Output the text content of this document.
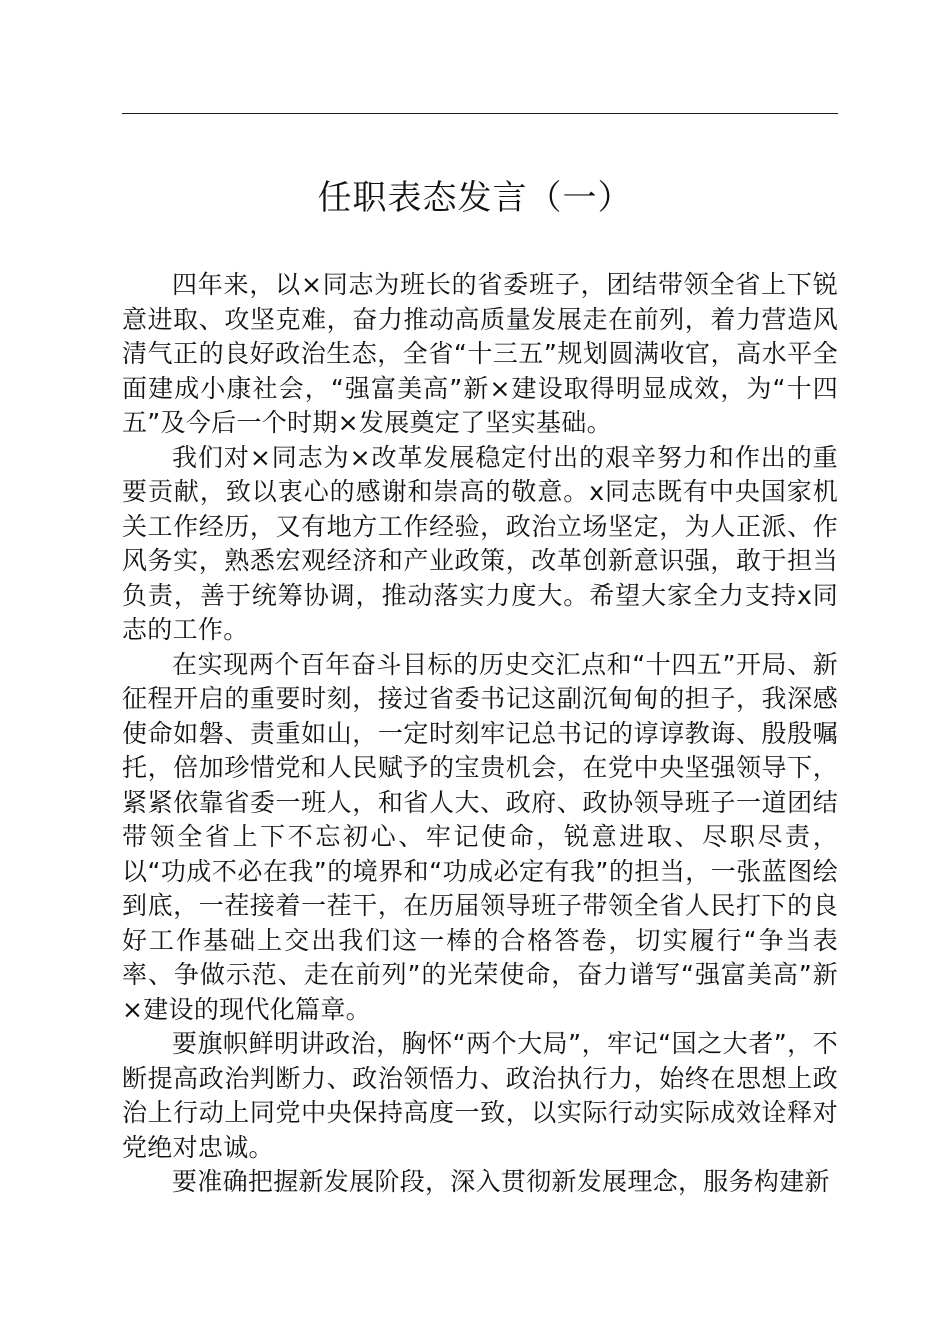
任职表态发言（一）

四年来，以×同志为班长的省委班子，团结带领全省上下锐意进取、攻坚克难，奋力推动高质量发展走在前列，着力营造风清气正的良好政治生态，全省“十三五”规划圆满收官，高水平全面建成小康社会，“强富美高”新×建设取得明显成效，为“十四五”及今后一个时期×发展奠定了坚实基础。

我们对×同志为×改革发展稳定付出的艰辛努力和作出的重要贡献，致以衷心的感谢和崇高的敬意。x同志既有中央国家机关工作经历，又有地方工作经验，政治立场坚定，为人正派、作风务实，熟悉宏观经济和产业政策，改革创新意识强，敢于担当负责，善于统筹协调，推动落实力度大。希望大家全力支持x同志的工作。

在实现两个百年奋斗目标的历史交汇点和“十四五”开局、新征程开启的重要时刻，接过省委书记这副沉甸甸的担子，我深感使命如磐、责重如山，一定时刻牢记总书记的谆谆教诲、殷殷嘱托，倍加珍惜党和人民赋予的宝贵机会，在党中央坚强领导下，紧紧依靠省委一班人，和省人大、政府、政协领导班子一道团结带领全省上下不忘初心、牢记使命，锐意进取、尽职尽责，以“功成不必在我”的境界和“功成必定有我”的担当，一张蓝图绘到底，一茬接着一茬干，在历届领导班子带领全省人民打下的良好工作基础上交出我们这一棒的合格答卷，切实履行“争当表率、争做示范、走在前列”的光荣使命，奋力谱写“强富美高”新×建设的现代化篇章。

要旗帜鲜明讲政治，胸怀“两个大局”，牢记“国之大者”，不断提高政治判断力、政治领悟力、政治执行力，始终在思想上政治上行动上同党中央保持高度一致，以实际行动实际成效诠释对党绝对忠诚。

要准确把握新发展阶段，深入贯彻新发展理念，服务构建新
